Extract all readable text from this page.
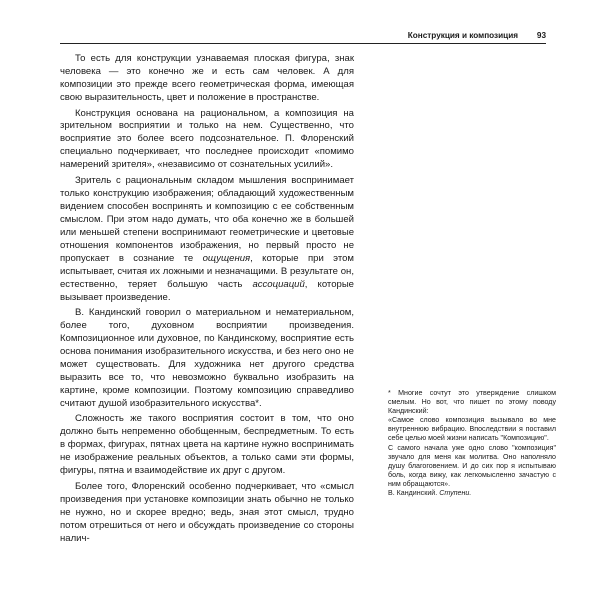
Конструкция и композиция 93

То есть для конструкции узнаваемая плоская фигура, знак человека — это конечно же и есть сам человек. А для композиции это прежде всего геометрическая форма, имеющая свою выразительность, цвет и положение в пространстве.

Конструкция основана на рациональном, а композиция на зрительном восприятии и только на нем. Существенно, что восприятие это более всего подсознательное. П. Флоренский специально подчеркивает, что последнее происходит «помимо намерений зрителя», «независимо от сознательных усилий».

Зритель с рациональным складом мышления воспринимает только конструкцию изображения; обладающий художественным видением способен воспринять и композицию с ее собственным смыслом. При этом надо думать, что оба конечно же в большей или меньшей степени воспринимают геометрические и цветовые отношения компонентов изображения, но первый просто не пропускает в сознание те ощущения, которые при этом испытывает, считая их ложными и незначащими. В результате он, естественно, теряет большую часть ассоциаций, которые вызывает произведение.

В. Кандинский говорил о материальном и нематериальном, более того, духовном восприятии произведения. Композиционное или духовное, по Кандинскому, восприятие есть основа понимания изобразительного искусства, и без него оно не может существовать. Для художника нет другого средства выразить все то, что невозможно буквально изобразить на картине, кроме композиции. Поэтому композицию справедливо считают душой изобразительного искусства*.

Сложность же такого восприятия состоит в том, что оно должно быть непременно обобщенным, беспредметным. То есть в формах, фигурах, пятнах цвета на картине нужно воспринимать не изображение реальных объектов, а только сами эти формы, фигуры, пятна и взаимодействие их друг с другом.

Более того, Флоренский особенно подчеркивает, что «смысл произведения при установке композиции знать обычно не только не нужно, но и скорее вредно; ведь, зная этот смысл, трудно потом отрешиться от него и обсуждать произведение со стороны налич-

* Многие сочтут это утверждение слишком смелым. Но вот, что пишет по этому поводу Кандинский:

«Самое слово композиция вызывало во мне внутреннюю вибрацию. Впоследствии я поставил себе целью моей жизни написать "Композицию".

С самого начала уже одно слово "композиция" звучало для меня как молитва. Оно наполняло душу благоговением. И до сих пор я испытываю боль, когда вижу, как легкомысленно зачастую с ним обращаются».

В. Кандинский. Ступени.
